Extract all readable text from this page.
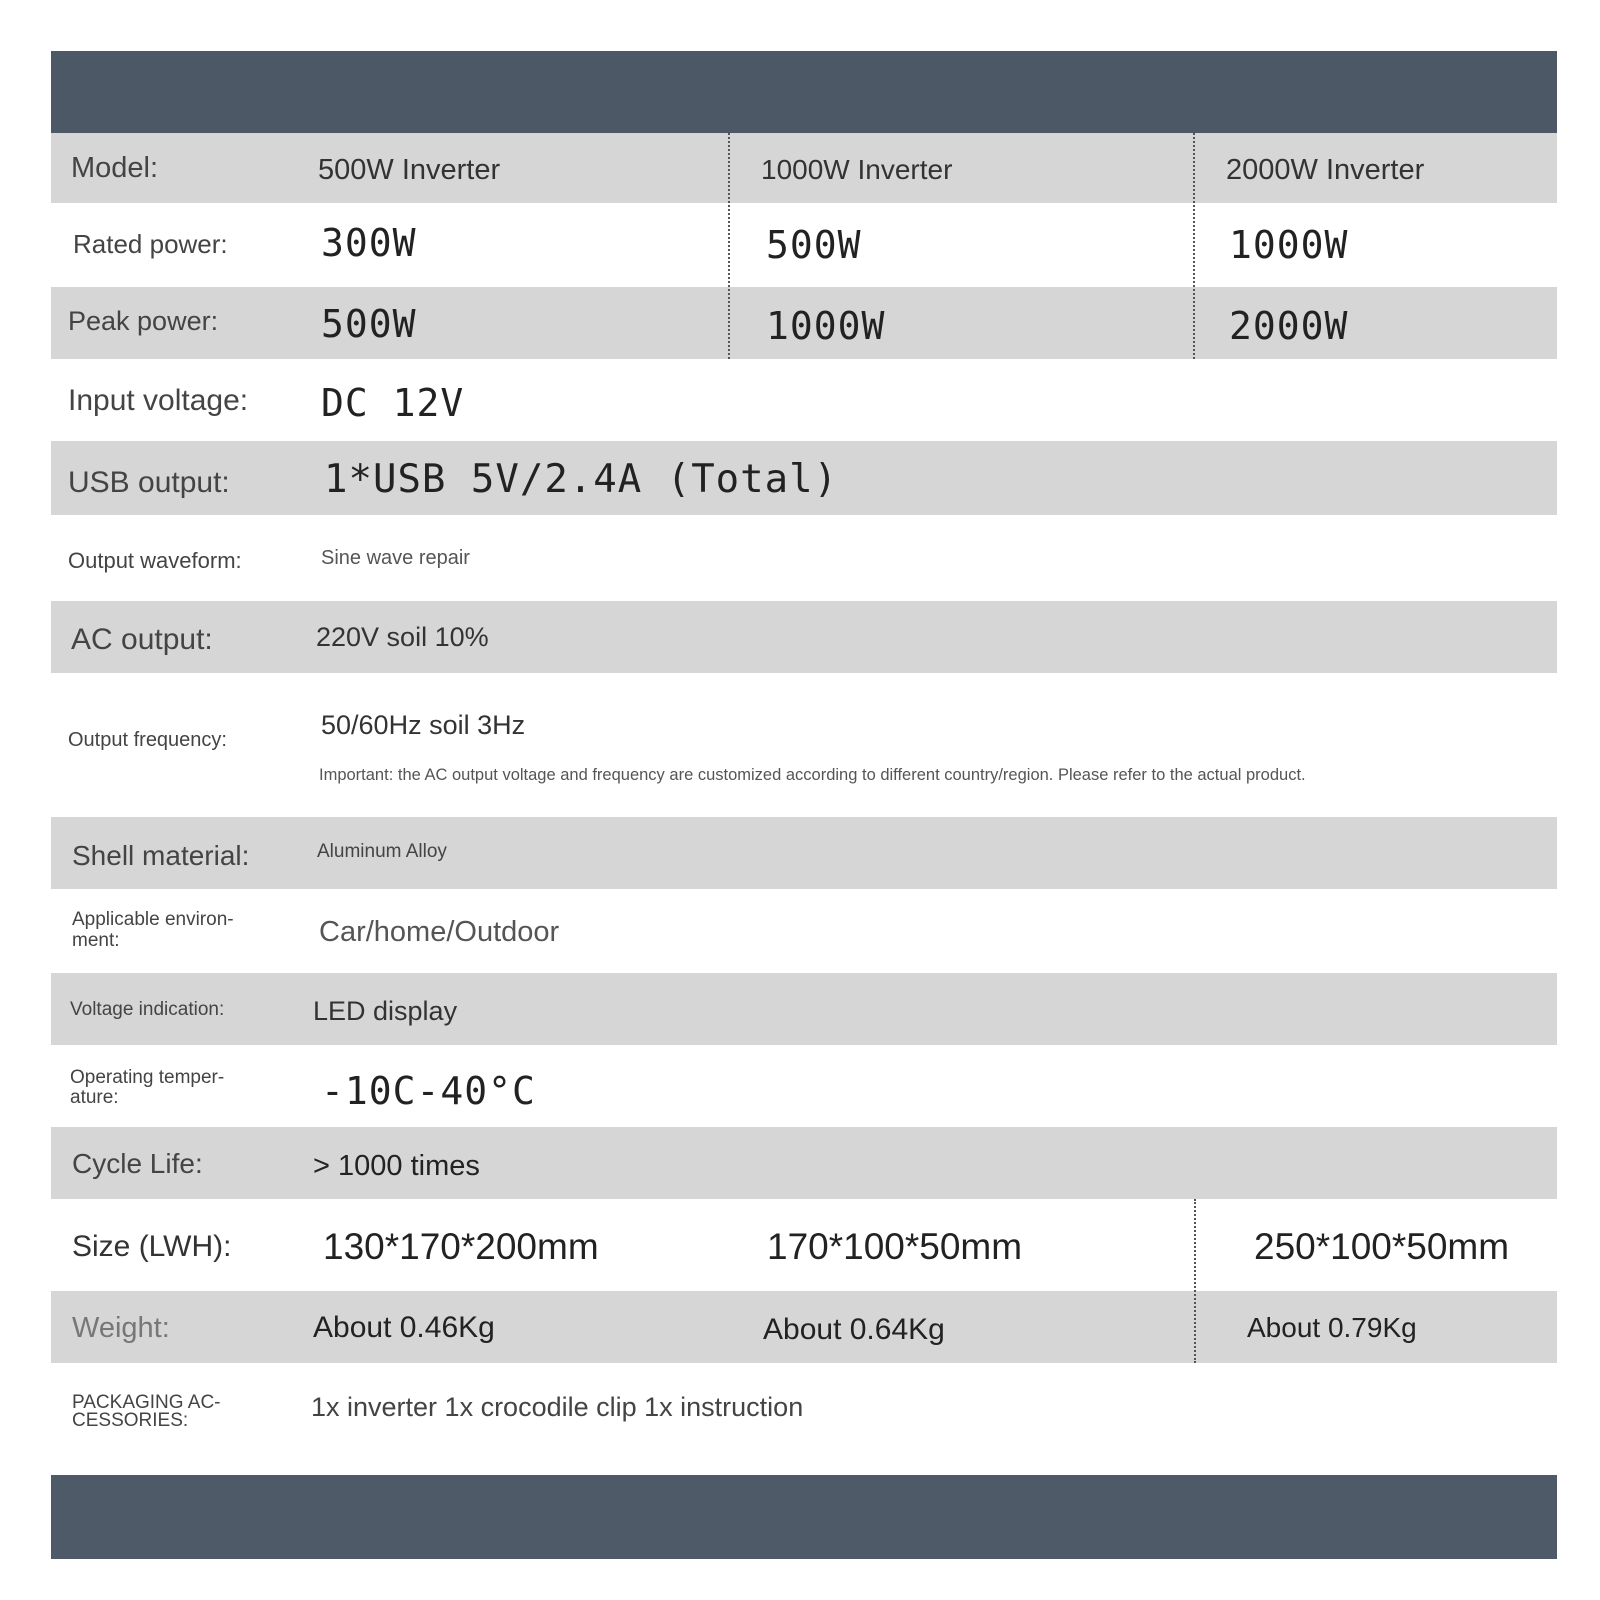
Model:	500W Inverter	1000W Inverter	2000W Inverter
Rated power: 300W	500W	1000W
Peak power:	500W	1000W	2000W
Input voltage: DC 12V
USB output: 1*USB 5V/2.4A (Total)
Output waveform:	Sine wave repair
AC output:	220V soil 10%
Output frequency:	50/60Hz soil 3Hz
Important: the AC output voltage and frequency are customized according to different country/region. Please refer to the actual product.
Shell material:	Aluminum Alloy
Applicable environ-
ment:	Car/home/Outdoor
Voltage indication:	LED display
Operating temper-
ature:	-10C-40°C
Cycle Life:	> 1000 times
Size (LWH): 130*170*200mm	170*100*50mm	250*100*50mm
Weight:	About 0.46Kg	About 0.64Kg	About 0.79Kg
PACKAGING AC-
CESSORIES:	1x inverter 1x crocodile clip 1x instruction
